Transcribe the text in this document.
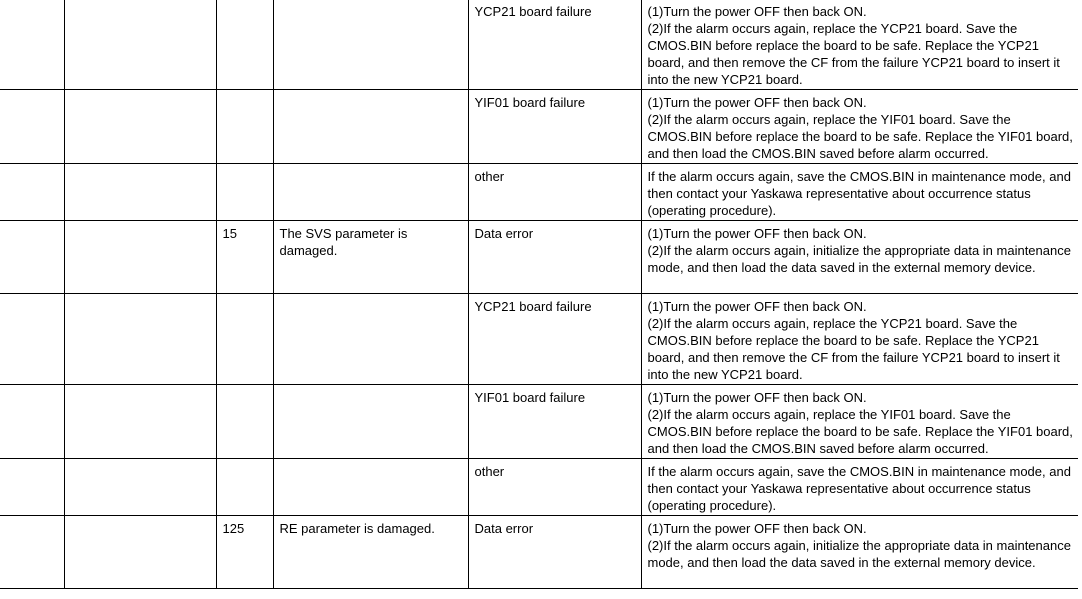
				YCP21 board failure	(1)Turn the power OFF then back ON.
(2)If the alarm occurs again, replace the YCP21 board. Save the CMOS.BIN before replace the board to be safe. Replace the YCP21 board, and then remove the CF from the failure YCP21 board to insert it into the new YCP21 board.

				YIF01 board failure	(1)Turn the power OFF then back ON.
(2)If the alarm occurs again, replace the YIF01 board. Save the CMOS.BIN before replace the board to be safe. Replace the YIF01 board, and then load the CMOS.BIN saved before alarm occurred.

				other	If the alarm occurs again, save the CMOS.BIN in maintenance mode, and then contact your Yaskawa representative about occurrence status (operating procedure).

		15	The SVS parameter is damaged.	Data error	(1)Turn the power OFF then back ON.
(2)If the alarm occurs again, initialize the appropriate data in maintenance mode, and then load the data saved in the external memory device.

				YCP21 board failure	(1)Turn the power OFF then back ON.
(2)If the alarm occurs again, replace the YCP21 board. Save the CMOS.BIN before replace the board to be safe. Replace the YCP21 board, and then remove the CF from the failure YCP21 board to insert it into the new YCP21 board.

				YIF01 board failure	(1)Turn the power OFF then back ON.
(2)If the alarm occurs again, replace the YIF01 board. Save the CMOS.BIN before replace the board to be safe. Replace the YIF01 board, and then load the CMOS.BIN saved before alarm occurred.

				other	If the alarm occurs again, save the CMOS.BIN in maintenance mode, and then contact your Yaskawa representative about occurrence status (operating procedure).

		125	RE parameter is damaged.	Data error	(1)Turn the power OFF then back ON.
(2)If the alarm occurs again, initialize the appropriate data in maintenance mode, and then load the data saved in the external memory device.
